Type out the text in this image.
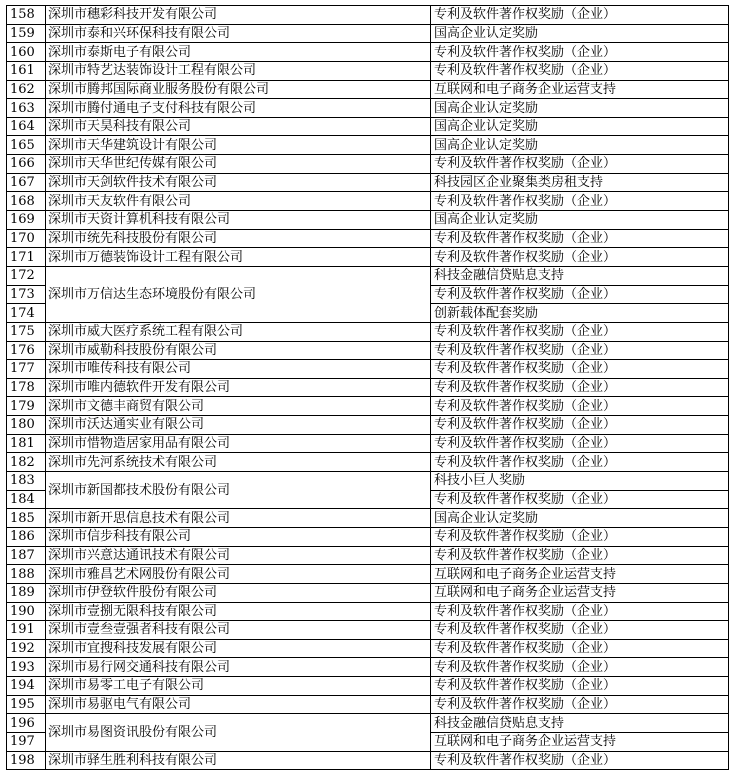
158	深圳市穗彩科技开发有限公司	专利及软件著作权奖励（企业）
159	深圳市泰和兴环保科技有限公司	国高企业认定奖励
160	深圳市泰斯电子有限公司	专利及软件著作权奖励（企业）
161	深圳市特艺达装饰设计工程有限公司	专利及软件著作权奖励（企业）
162	深圳市腾邦国际商业服务股份有限公司	互联网和电子商务企业运营支持
163	深圳市腾付通电子支付科技有限公司	国高企业认定奖励
164	深圳市天昊科技有限公司	国高企业认定奖励
165	深圳市天华建筑设计有限公司	国高企业认定奖励
166	深圳市天华世纪传媒有限公司	专利及软件著作权奖励（企业）
167	深圳市天剑软件技术有限公司	科技园区企业聚集类房租支持
168	深圳市天友软件有限公司	专利及软件著作权奖励（企业）
169	深圳市天资计算机科技有限公司	国高企业认定奖励
170	深圳市统先科技股份有限公司	专利及软件著作权奖励（企业）
171	深圳市万德装饰设计工程有限公司	专利及软件著作权奖励（企业）
172	深圳市万信达生态环境股份有限公司	科技金融信贷贴息支持
173		专利及软件著作权奖励（企业）
174		创新载体配套奖励
175	深圳市威大医疗系统工程有限公司	专利及软件著作权奖励（企业）
176	深圳市威勒科技股份有限公司	专利及软件著作权奖励（企业）
177	深圳市唯传科技有限公司	专利及软件著作权奖励（企业）
178	深圳市唯内德软件开发有限公司	专利及软件著作权奖励（企业）
179	深圳市文德丰商贸有限公司	专利及软件著作权奖励（企业）
180	深圳市沃达通实业有限公司	专利及软件著作权奖励（企业）
181	深圳市惜物造居家用品有限公司	专利及软件著作权奖励（企业）
182	深圳市先河系统技术有限公司	专利及软件著作权奖励（企业）
183	深圳市新国都技术股份有限公司	科技小巨人奖励
184		专利及软件著作权奖励（企业）
185	深圳市新开思信息技术有限公司	国高企业认定奖励
186	深圳市信步科技有限公司	专利及软件著作权奖励（企业）
187	深圳市兴意达通讯技术有限公司	专利及软件著作权奖励（企业）
188	深圳市雅昌艺术网股份有限公司	互联网和电子商务企业运营支持
189	深圳市伊登软件股份有限公司	互联网和电子商务企业运营支持
190	深圳市壹捌无限科技有限公司	专利及软件著作权奖励（企业）
191	深圳市壹叁壹强者科技有限公司	专利及软件著作权奖励（企业）
192	深圳市宜搜科技发展有限公司	专利及软件著作权奖励（企业）
193	深圳市易行网交通科技有限公司	专利及软件著作权奖励（企业）
194	深圳市易零工电子有限公司	专利及软件著作权奖励（企业）
195	深圳市易驱电气有限公司	专利及软件著作权奖励（企业）
196	深圳市易图资讯股份有限公司	科技金融信贷贴息支持
197		互联网和电子商务企业运营支持
198	深圳市驿生胜利科技有限公司	专利及软件著作权奖励（企业）
